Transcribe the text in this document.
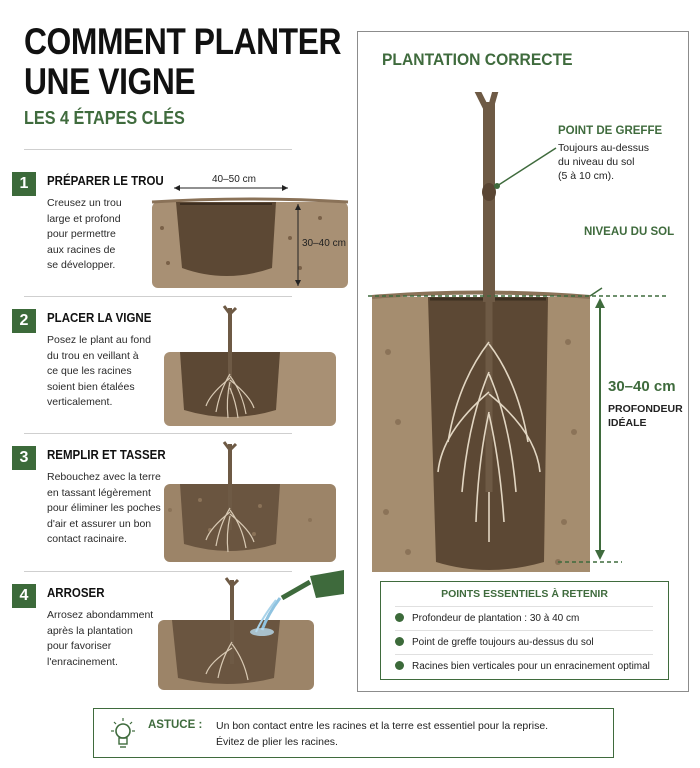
COMMENT PLANTER
UNE VIGNE
LES 4 ÉTAPES CLÉS
1	PRÉPARER LE TROU
Creusez un trou
large et profond
pour permettre
aux racines de
se développer.
40–50 cm
30–40 cm
2	PLACER LA VIGNE
Posez le plant au fond
du trou en veillant à
ce que les racines
soient bien étalées
verticalement.
3	REMPLIR ET TASSER
Rebouchez avec la terre
en tassant légèrement
pour éliminer les poches
d'air et assurer un bon
contact racinaire.
4	ARROSER
Arrosez abondamment
après la plantation
pour favoriser
l'enracinement.
PLANTATION CORRECTE
POINT DE GREFFE
Toujours au-dessus
du niveau du sol
(5 à 10 cm).
NIVEAU DU SOL
30–40 cm
PROFONDEUR
IDÉALE
POINTS ESSENTIELS À RETENIR
Profondeur de plantation : 30 à 40 cm
Point de greffe toujours au-dessus du sol
Racines bien verticales pour un enracinement optimal
ASTUCE : Un bon contact entre les racines et la terre est essentiel pour la reprise.
Évitez de plier les racines.
